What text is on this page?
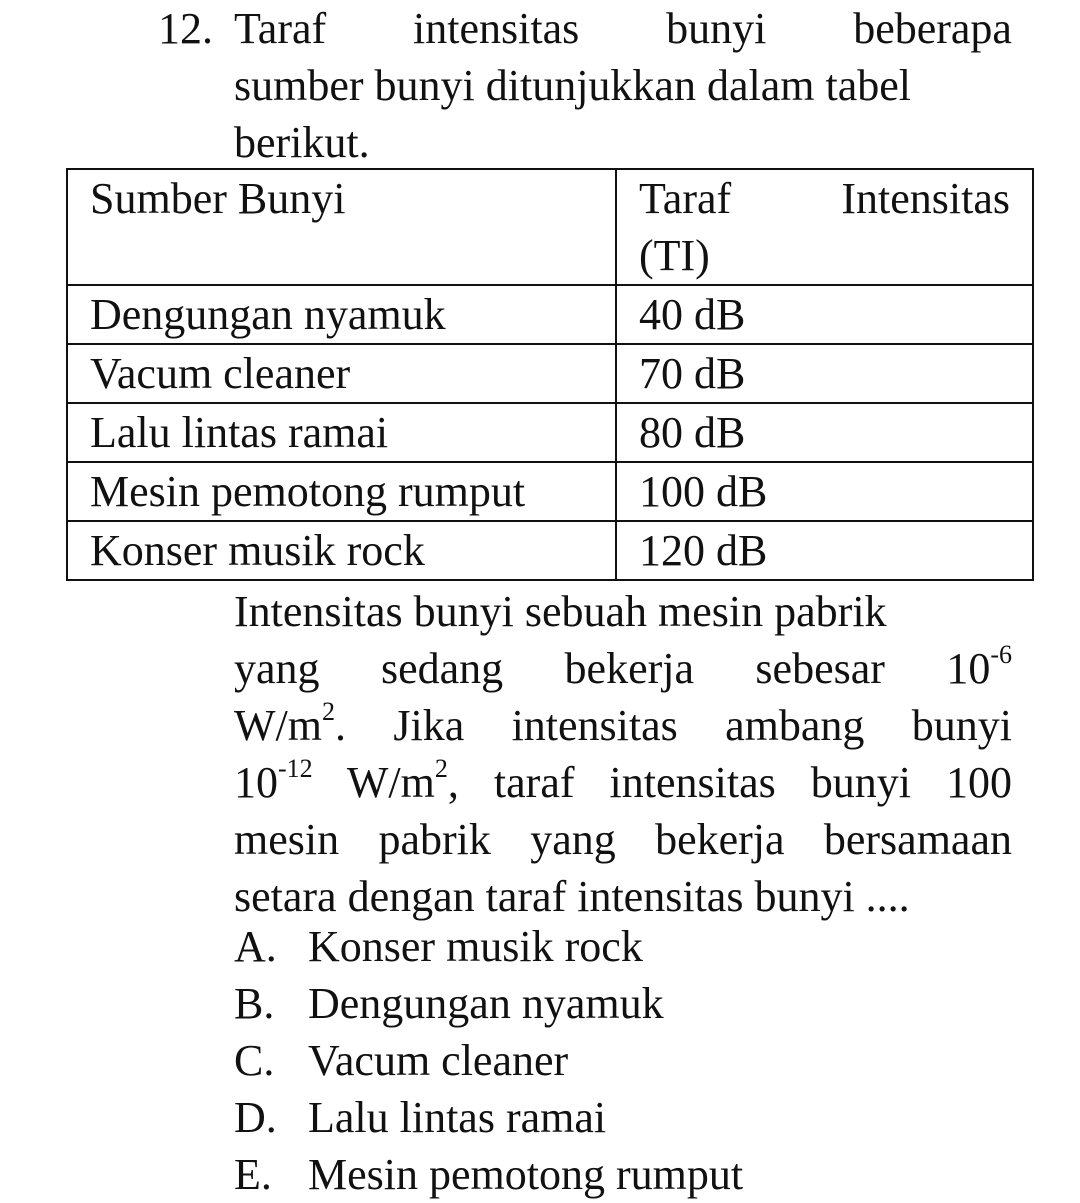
12. Taraf intensitas bunyi beberapa
sumber bunyi ditunjukkan dalam tabel
berikut.
Sumber Bunyi	Taraf Intensitas
(TI)

Dengungan nyamuk	40 dB
Vacum cleaner	70 dB
Lalu lintas ramai	80 dB
Mesin pemotong rumput	100 dB
Konser musik rock	120 dB
Intensitas bunyi sebuah mesin pabrik
yang sedang bekerja sebesar $10^{-6}$
$W/m^2$. Jika intensitas ambang bunyi
$10^{-12}$ $W/m^2$, taraf intensitas bunyi 100
mesin pabrik yang bekerja bersamaan
setara dengan taraf intensitas bunyi ....
A. Konser musik rock
B. Dengungan nyamuk
C. Vacum cleaner
D. Lalu lintas ramai
E. Mesin pemotong rumput
